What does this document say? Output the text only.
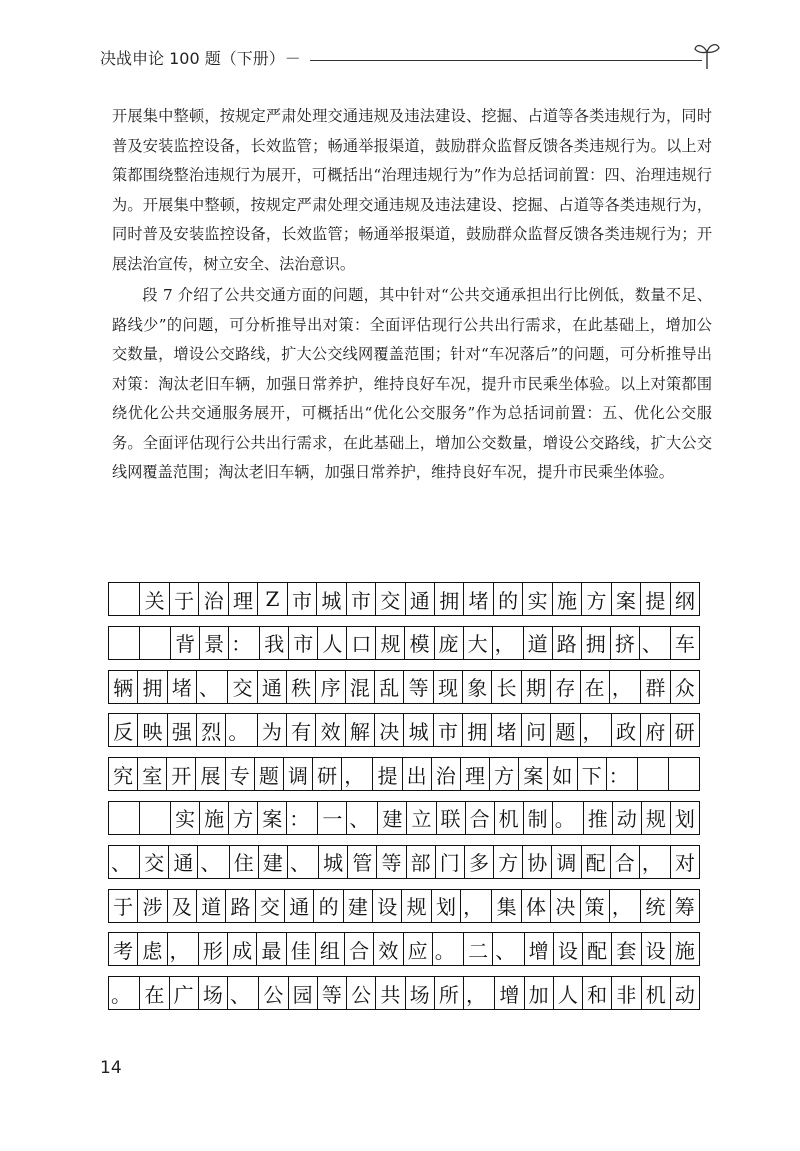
决战申论 100 题（下册）－

开展集中整顿，按规定严肃处理交通违规及违法建设、挖掘、占道等各类违规行为，同时普及安装监控设备，长效监管；畅通举报渠道，鼓励群众监督反馈各类违规行为。以上对策都围绕整治违规行为展开，可概括出“治理违规行为”作为总括词前置：四、治理违规行为。开展集中整顿，按规定严肃处理交通违规及违法建设、挖掘、占道等各类违规行为，同时普及安装监控设备，长效监管；畅通举报渠道，鼓励群众监督反馈各类违规行为；开展法治宣传，树立安全、法治意识。

段 7 介绍了公共交通方面的问题，其中针对“公共交通承担出行比例低，数量不足、路线少”的问题，可分析推导出对策：全面评估现行公共出行需求，在此基础上，增加公交数量，增设公交路线，扩大公交线网覆盖范围；针对“车况落后”的问题，可分析推导出对策：淘汰老旧车辆，加强日常养护，维持良好车况，提升市民乘坐体验。以上对策都围绕优化公共交通服务展开，可概括出“优化公交服务”作为总括词前置：五、优化公交服务。全面评估现行公共出行需求，在此基础上，增加公交数量，增设公交路线，扩大公交线网覆盖范围；淘汰老旧车辆，加强日常养护，维持良好车况，提升市民乘坐体验。

关 于 治 理 Z 市 城 市 交 通 拥 堵 的 实 施 方 案 提 纲
背 景 ： 我 市 人 口 规 模 庞 大 ， 道 路 拥 挤 、 车
辆 拥 堵 、 交 通 秩 序 混 乱 等 现 象 长 期 存 在 ， 群 众
反 映 强 烈 。 为 有 效 解 决 城 市 拥 堵 问 题 ， 政 府 研
究 室 开 展 专 题 调 研 ， 提 出 治 理 方 案 如 下 ：
实 施 方 案 ： 一 、 建 立 联 合 机 制 。 推 动 规 划
、 交 通 、 住 建 、 城 管 等 部 门 多 方 协 调 配 合 ， 对
于 涉 及 道 路 交 通 的 建 设 规 划 ， 集 体 决 策 ， 统 筹
考 虑 ， 形 成 最 佳 组 合 效 应 。 二 、 增 设 配 套 设 施
。 在 广 场 、 公 园 等 公 共 场 所 ， 增 加 人 和 非 机 动
14
